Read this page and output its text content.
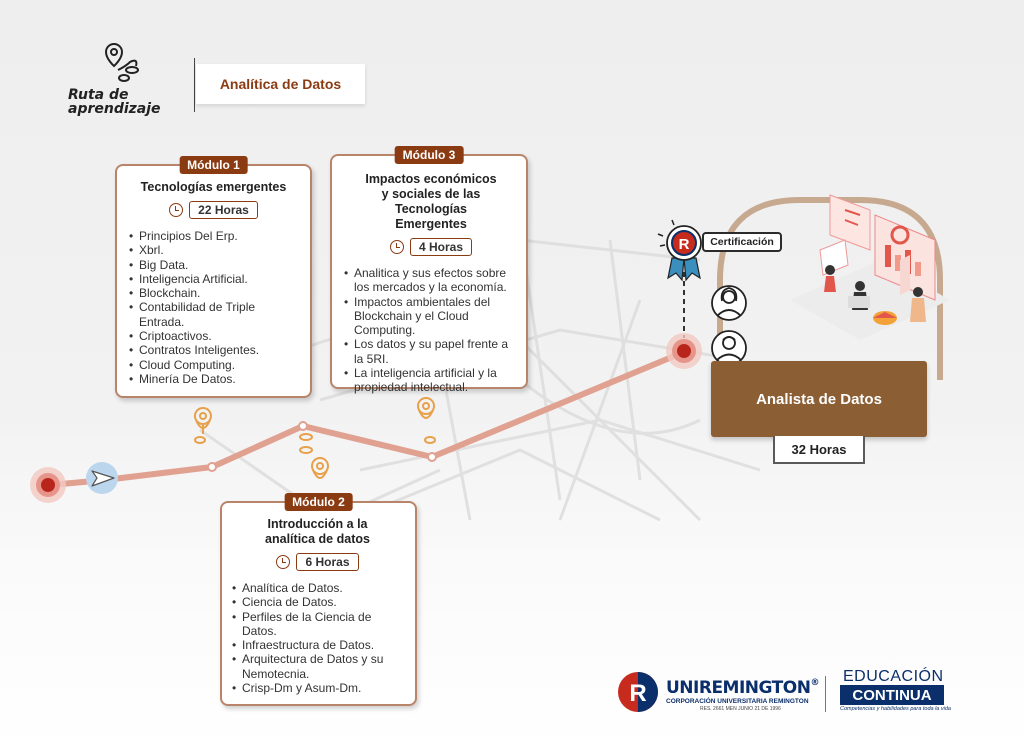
R
Ruta de
aprendizaje
Analítica de Datos
Módulo 1
Tecnologías emergentes
22 Horas
• Principios Del Erp.
• Xbrl.
• Big Data.
• Inteligencia Artificial.
• Blockchain.
• Contabilidad de Triple Entrada.
• Criptoactivos.
• Contratos Inteligentes.
• Cloud Computing.
• Minería De Datos.
Módulo 3
Impactos económicos y sociales de las Tecnologías Emergentes
4 Horas
• Analitica y sus efectos sobre los mercados y la economía.
• Impactos ambientales del Blockchain y el Cloud Computing.
• Los datos y su papel frente a la 5RI.
• La inteligencia artificial y la propiedad intelectual.
Módulo 2
Introducción a la analítica de datos
6 Horas
• Analítica de Datos.
• Ciencia de Datos.
• Perfiles de la Ciencia de Datos.
• Infraestructura de Datos.
• Arquitectura de Datos y su Nemotecnia.
• Crisp-Dm y Asum-Dm.
Certificación
Analista de Datos
32 Horas
R UNIREMINGTON®
CORPORACIÓN UNIVERSITARIA REMINGTON
RES. 2661 MEN JUNIO 21 DE 1996
EDUCACIÓN
CONTINUA
Competencias y habilidades para toda la vida
